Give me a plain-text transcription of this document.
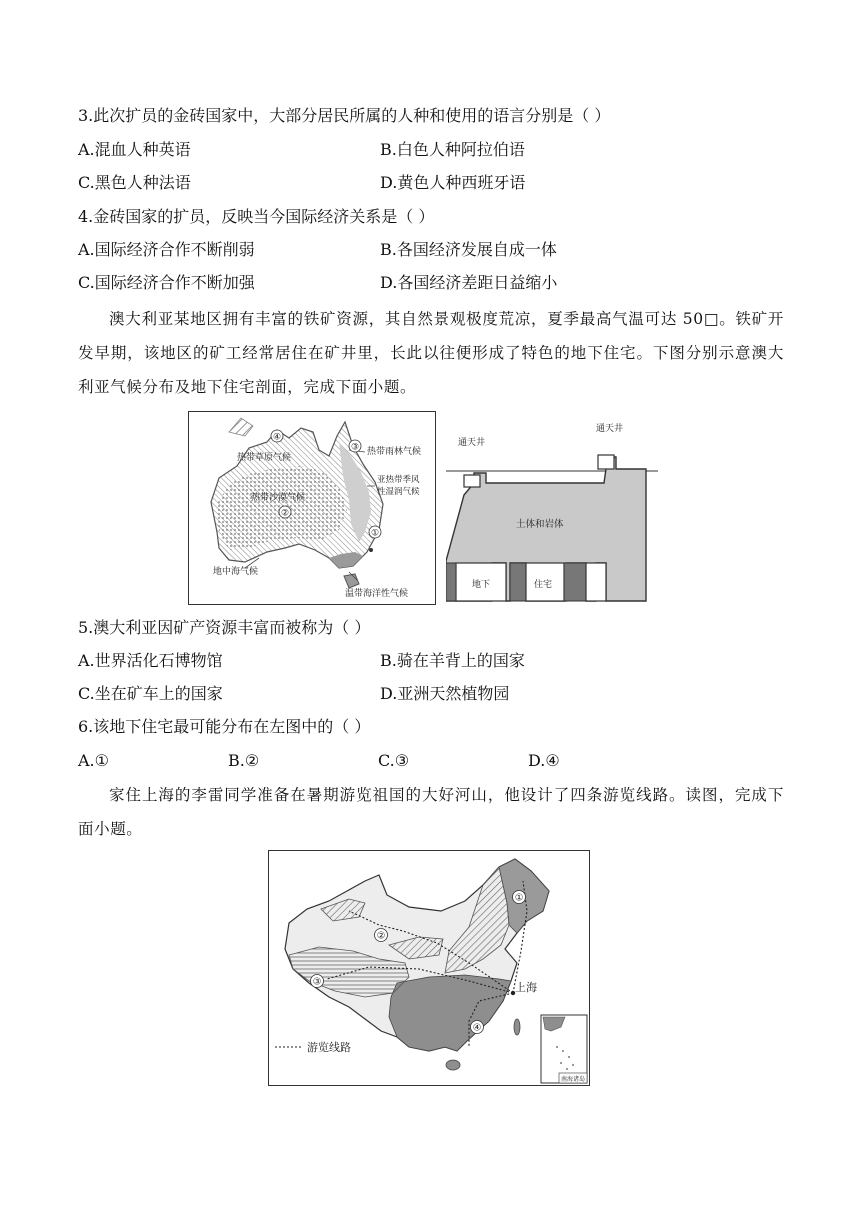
3.此次扩员的金砖国家中，大部分居民所属的人种和使用的语言分别是（ ）
A.混血人种英语	B.白色人种阿拉伯语
C.黑色人种法语	D.黄色人种西班牙语
4.金砖国家的扩员，反映当今国际经济关系是（ ）
A.国际经济合作不断削弱	B.各国经济发展自成一体
C.国际经济合作不断加强	D.各国经济差距日益缩小
澳大利亚某地区拥有丰富的铁矿资源，其自然景观极度荒凉，夏季最高气温可达 50□。铁矿开发早期，该地区的矿工经常居住在矿井里，长此以往便形成了特色的地下住宅。下图分别示意澳大利亚气候分布及地下住宅剖面，完成下面小题。
④
③
②
①
热带草原气候
热带雨林气候
亚热带季风
性湿润气候
热带沙漠气候
地中海气候
温带海洋性气候
通天井
通天井
土体和岩体
地下	住宅
5.澳大利亚因矿产资源丰富而被称为（ ）
A.世界活化石博物馆	B.骑在羊背上的国家
C.坐在矿车上的国家	D.亚洲天然植物园
6.该地下住宅最可能分布在左图中的（ ）
A.①	B.②	C.③	D.④
家住上海的李雷同学准备在暑期游览祖国的大好河山，他设计了四条游览线路。读图，完成下面小题。
①
②
③
④
上海
游览线路
南海诸岛
